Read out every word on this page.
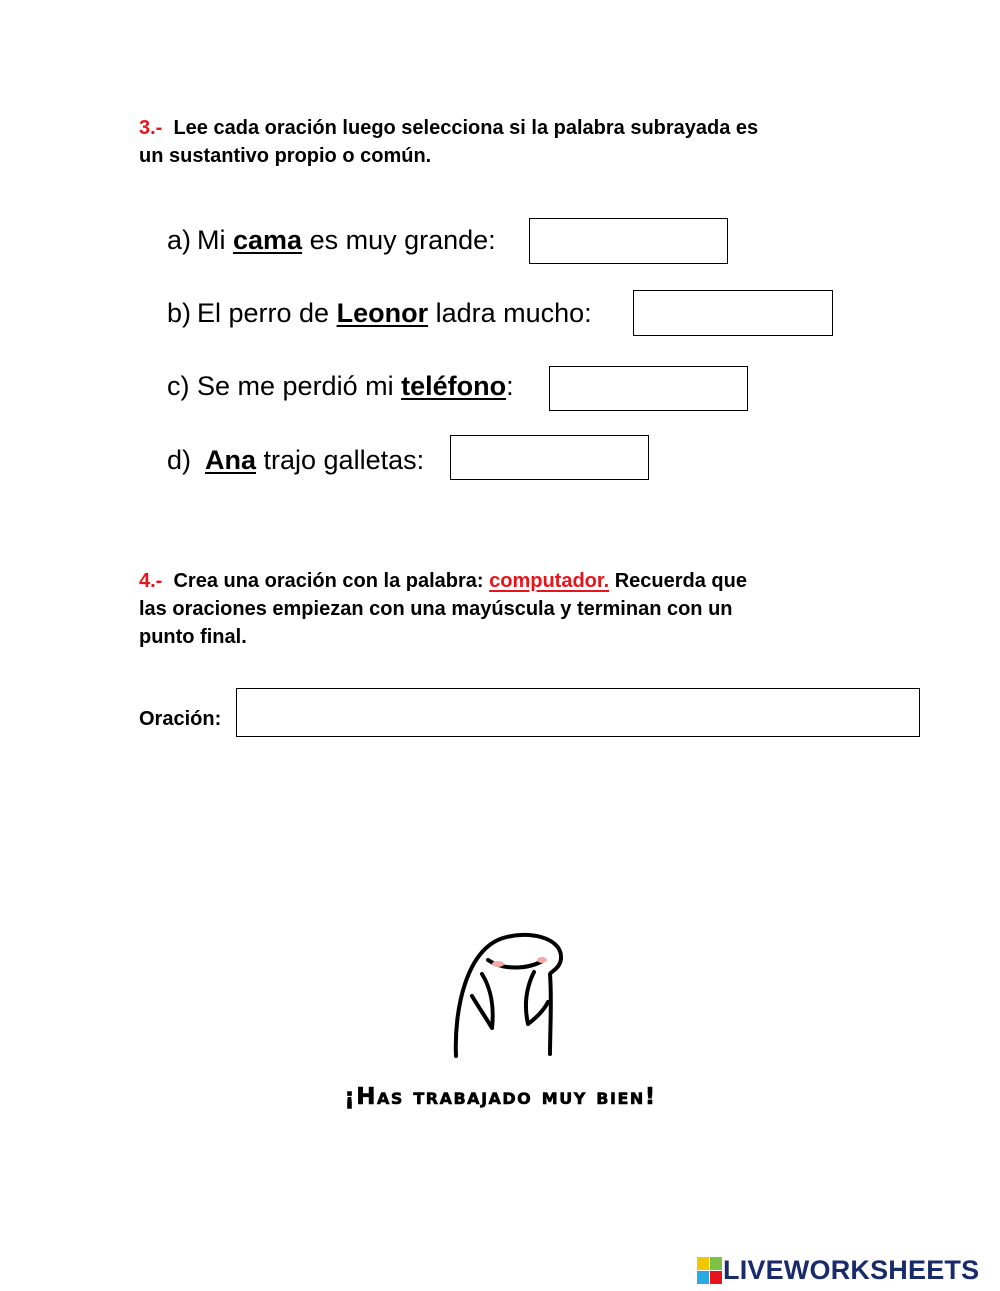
3.- Lee cada oración luego selecciona si la palabra subrayada es
un sustantivo propio o común.
a) Mi cama es muy grande:
b) El perro de Leonor ladra mucho:
c) Se me perdió mi teléfono:
d) Ana trajo galletas:
4.- Crea una oración con la palabra: computador. Recuerda que
las oraciones empiezan con una mayúscula y terminan con un
punto final.
Oración:
¡Has trabajado muy bien!
LIVEWORKSHEETS
